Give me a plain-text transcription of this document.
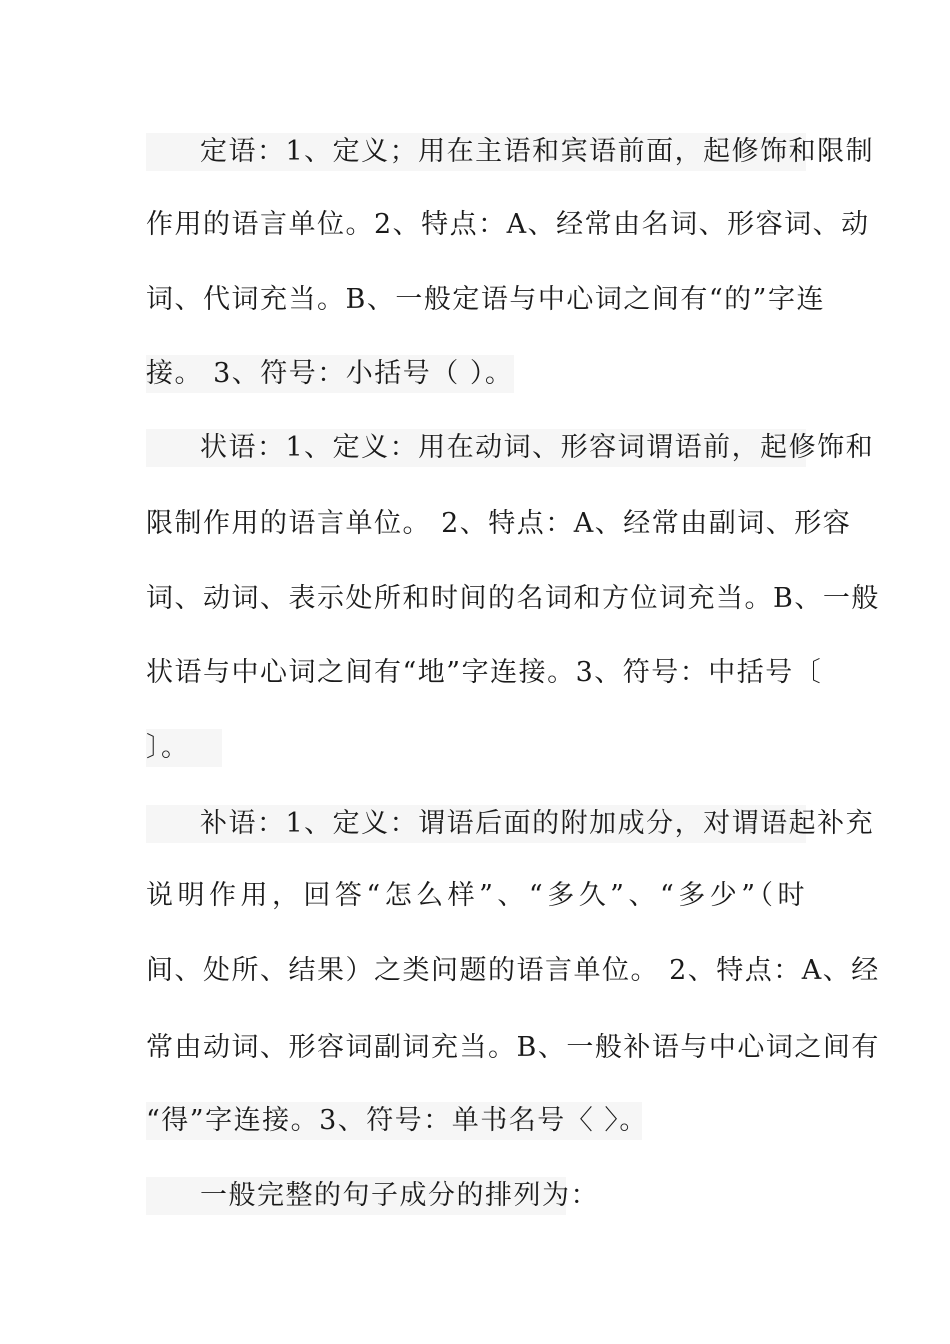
定语：1、定义；用在主语和宾语前面，起修饰和限制
作用的语言单位。2、特点：A、经常由名词、形容词、动
词、代词充当。B、一般定语与中心词之间有“的”字连
接。 3、符号：小括号（ ）。
状语：1、定义：用在动词、形容词谓语前，起修饰和
限制作用的语言单位。 2、特点：A、经常由副词、形容
词、动词、表示处所和时间的名词和方位词充当。B、一般
状语与中心词之间有“地”字连接。3、符号：中括号〔
〕。
补语：1、定义：谓语后面的附加成分，对谓语起补充
说明作用，回答“怎么样”、“多久”、“多少”（时
间、处所、结果）之类问题的语言单位。 2、特点：A、经
常由动词、形容词副词充当。B、一般补语与中心词之间有
“得”字连接。3、符号：单书名号〈 〉。
一般完整的句子成分的排列为：
